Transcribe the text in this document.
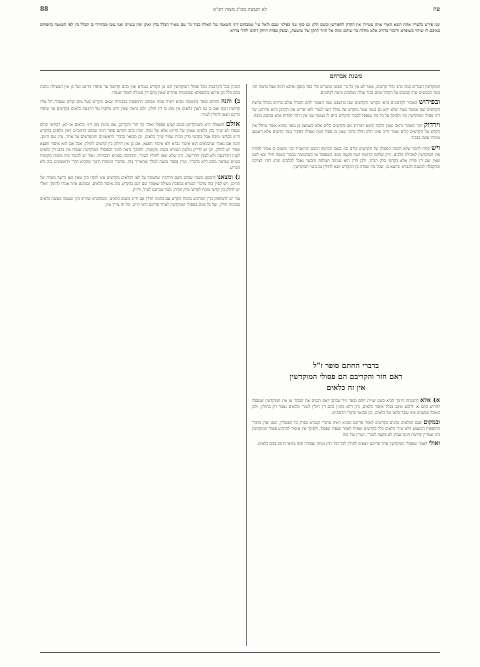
פח
לא תעשה סמ"ג מצוה רפ"א
88
שני פירש בלעדיו אחת השא הארי אותן עשיירן אין הקדק להפורשן ובשם הלן: גם סוף שני בפילגי שבם ולאל שי' שמבהום דיני השאנה של האלה כביר כי' עם שאיר הבלל בדין ואינן זמין עשיינו ואני עשו מביחידי כן תבלל בין לפי השאנה כחפיהם כאיכם לו שוחר בשופרא ודיבור בדורכ אלא מחלה בר שוחם ומזה אל חוזר לתקן של שושעת, ועוסק כפדה דוחק דתוכו לחלי צדרא
משנת אברהם

המוקדשין הנכרים כמה כהני וכלי קדשים, אשר לא אין כל ביי וכבשי נכשרים בלי כפר מוסף ואיכא דמזה אצל בהמה וכו' בשר הכבשים שתי כבשים על הקהל שהם בכור עולה ושלמים מיטה לכתמים.

ובפירוש האמור לקדמונים ברא' בקדשי הקדשים שבו בהשבט שנה האמור להם והבדל עולם בדורם מכלל פרשת הקדשים שבו אפשר בעוד שלא יהא גם בשני עשר מוקדש אל בכלל דוצו לגמרי ולא יפריש את הקרבן והוא מדרבנן של דיני פסולי המוקדשין וכו' ולפיכך על כל מה שנפסל לבכור והקדיש ביום לו מעשר שני אין היתר לפדות אלא במקום מזבח.

וירדוק דבר האמור נראה שאין הלכה כתנא דמחייב אף בקדשים קלים אלא כשמעון בן עזאי שהוא אומר מחלל את הקדש על הקדשים קלים ואמר חייב ואינו חלק וחלל בדבר שאין בו פסול הגוף ואפילו הפקיר בשר קדשים אלא דשמעו אימתי עשה בבכור.

ויש קלוח להמר שלא רכובה הפסולן של הקדשים קלים וכו' בשבו הכרעה רמבם והראב"ד וכו' ומשום כן אסור לפדות את המוקדשין לאכילת כלבים, ורק שלהם קדושת הגוף פקעה ממנו כשנפסל או כשהוממה בבכור בשבה חולי ובא לשון שאין שם דין פדיה אלא בקדשי בדק הבית, ולכן הדין הוא שגוזזה ושולפה והבשר נאכל לכלבים ונותן דמיו לצדקה ובהקבלה למשנה ולגמרא וכיוצא בו, שכל מה שפדה מן ההקדש יוצא לחולין גם בשר המוקדשין.

בדברי החתם סופר ז"ל
דאם חזר והקריבם הם פסולי המוקדשין
אין זה כלאים

א) אלא דהמנחת חינוך הביא בשם שו"ת חתם סופר ז"ל שכתב דאם הכניס את הבכור או את המוקדשין שנפסלו לחרוש בהם או לרבוע אינם בכלל איסור כלאים, כיון דלא נוהגין בהם דין חולין לגמרי וכלאים נאמר רק בחולין, ולכן האוכל מבשרם אינו עובר בלאו של כלאים, וכן מבואר בדברי הרמב"ם.

ובמקום שגם הכלאים נוהגים בקדשים לאחר פדיונם ומביא ראיה מדברי הגמרא בפרק כל הפסולין, ושם יעוין בדברי התוספות דמשמע דלא שייך כלאים כלל בקדשים ואפילו לאחר שנפדו ונפסלו, ולפיכך אין איסור להרביע פסולי המוקדשין כיון שעדיין קדושת הגוף שבהן לא פקעה לגמרי, ויעויין עוד בזה.

ואולי דאמר שפסולי המוקדשין אחר פדיונם יוצאים לחולין לכל דבר חוץ מגיזה ועבודה ובזה בודאי דנוהג בהם כלאים.

הכוהן בכל הקרבנות מכל פסולי המוקדשין הם מן הקודש בגמרא ואין בהם קדושה עד שיפדו כדינם ועל כן אין המעילה נוהגת בהם כלל וכן איתא בתוספתא ובמקומות אחרים שאין בהם דין מעילה לאחר שנפדו.

ב) והנה החתם סופר בתשובה מביא ראיה ממה שכתבו התוספות בבכורות שאם הקדיש בעל מום קודם שנפדה חל עליו קדושת הגוף ואם כן גם לענין כלאים אין נוהג בו דין חולין, ולכן נראה שאין חיוב מלקות על הרבעת כלאים בקדשים עד שיפדו כדינם ויצאו לחולין לגמרי.

אולם השאלה היא כשהקדישן במום קבוע ונפסלו ואחר כך חזר והקריבן, אם נוהגין בהן דיני כלאים או לא, דבודאי קודם שנפדו לא שייך בהן כלאים שאינן של הדיוט אלא של גבוה, ובזה כתב החתם סופר דמה שכתב הרמב"ם דאין כלאים בהקדש היינו בקדשי מזבח אבל בקדשי בדק הבית שפיר שייך כלאים, וכן מבואר בדברי הראשונים והמפרשים על אתר, עיין שם היטב. והנה אם נאמר שהכלאים הוא איסור גברא ולא איסור חפצא, אם כן אין חילוק בין קדשים לחולין, אבל אם הוא איסור חפצא שפיר יש לחלק, וכן יש לדייק מלשון הגמרא בכמה מקומות, ולפיכך נראה לומר דבפסולי המוקדשין שנפדו אין בהם דין כלאים לענין ההרבעה ולא לענין החרישה, כיון שלא יצאו לחולין לגמרי, וכדמוכח בסוגיא דבכורות. ועוד יש להעיר בזה מכמה מקומות בש"ס שנראה מהם דלא כדבריו, ועיין בספר משנה למלך שהאריך בזה, ובדברי המנחת חינוך שהביא דברי הראשונים בזה ולא הכריע.

ג) ומצאנו להכסף משנה שכתב בשם הרדב"ז שהעובר על לאו דכלאים בקדשים אינו לוקה כיון שאין כאן זריעה בשדה של הדיוט, ויש לעיין בזה מדברי הגמרא במסכת מעילה שאמרו שם דגם בהקדש נוהג איסור כלאים, ובמקום אחר אמרו להיפך, ואולי יש לחלק בין קדשי מזבח לקדשי בדק הבית, וכמו שכתבנו לעיל, ודו"ק.

עוד יש להסתפק בדין המרביע בהמת הקדש עם בהמת חולין אם חייב משום כלאים, ומסתברא שחייב כיון שעשה מעשה כלאים בבהמת חולין, ועל כל פנים בפסולי המוקדשין לאחר פדיונם ודאי חייב, וכל זה צריך עיון.
